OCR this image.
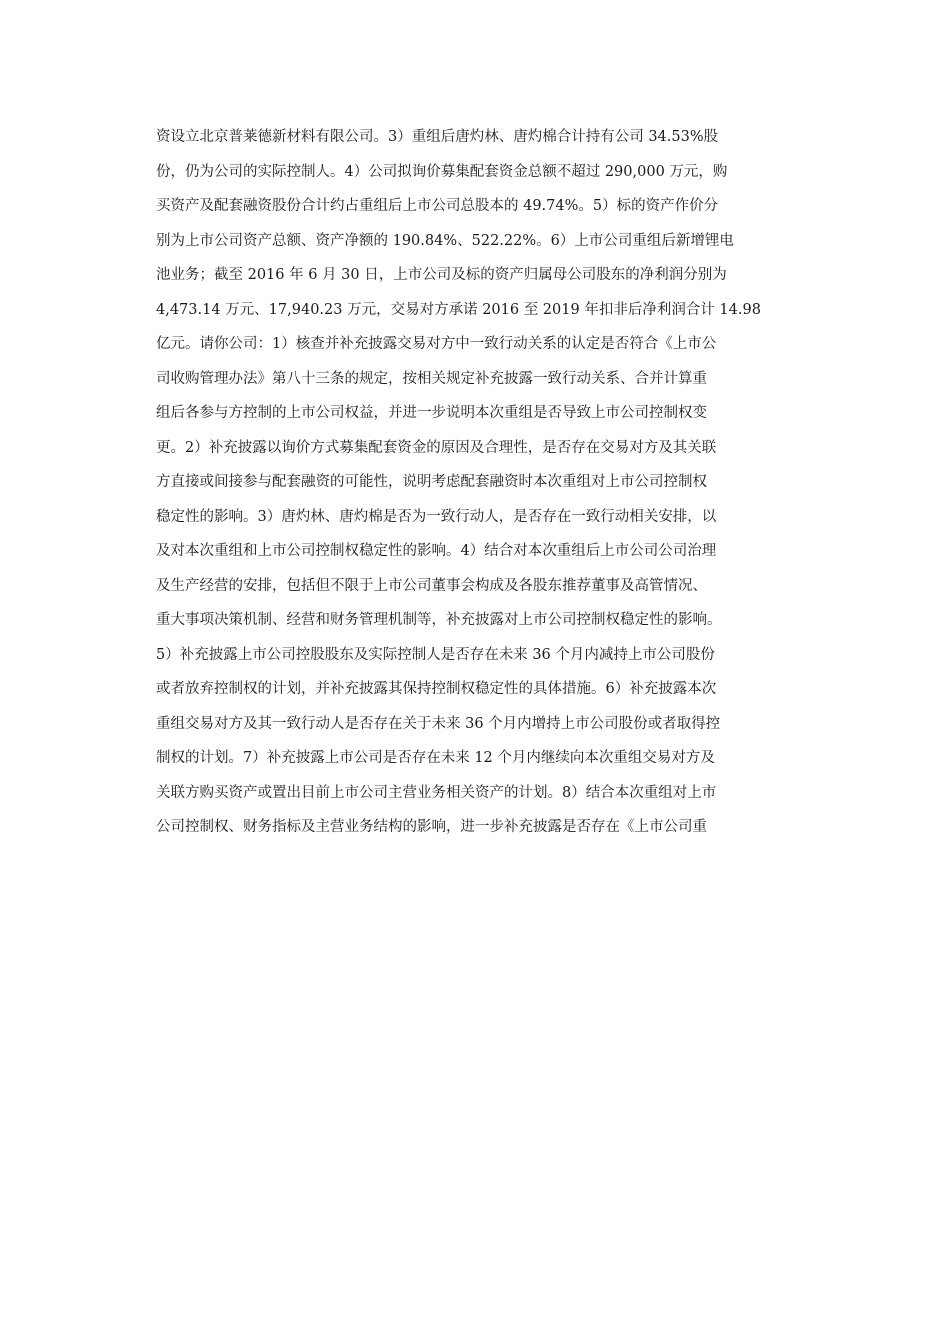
资设立北京普莱德新材料有限公司。3）重组后唐灼林、唐灼棉合计持有公司 34.53%股
份，仍为公司的实际控制人。4）公司拟询价募集配套资金总额不超过 290,000 万元，购
买资产及配套融资股份合计约占重组后上市公司总股本的 49.74%。5）标的资产作价分
别为上市公司资产总额、资产净额的 190.84%、522.22%。6）上市公司重组后新增锂电
池业务；截至 2016 年 6 月 30 日，上市公司及标的资产归属母公司股东的净利润分别为
4,473.14 万元、17,940.23 万元，交易对方承诺 2016 至 2019 年扣非后净利润合计 14.98
亿元。请你公司：1）核查并补充披露交易对方中一致行动关系的认定是否符合《上市公
司收购管理办法》第八十三条的规定，按相关规定补充披露一致行动关系、合并计算重
组后各参与方控制的上市公司权益，并进一步说明本次重组是否导致上市公司控制权变
更。2）补充披露以询价方式募集配套资金的原因及合理性，是否存在交易对方及其关联
方直接或间接参与配套融资的可能性，说明考虑配套融资时本次重组对上市公司控制权
稳定性的影响。3）唐灼林、唐灼棉是否为一致行动人，是否存在一致行动相关安排，以
及对本次重组和上市公司控制权稳定性的影响。4）结合对本次重组后上市公司公司治理
及生产经营的安排，包括但不限于上市公司董事会构成及各股东推荐董事及高管情况、
重大事项决策机制、经营和财务管理机制等，补充披露对上市公司控制权稳定性的影响。
5）补充披露上市公司控股股东及实际控制人是否存在未来 36 个月内减持上市公司股份
或者放弃控制权的计划，并补充披露其保持控制权稳定性的具体措施。6）补充披露本次
重组交易对方及其一致行动人是否存在关于未来 36 个月内增持上市公司股份或者取得控
制权的计划。7）补充披露上市公司是否存在未来 12 个月内继续向本次重组交易对方及
关联方购买资产或置出目前上市公司主营业务相关资产的计划。8）结合本次重组对上市
公司控制权、财务指标及主营业务结构的影响，进一步补充披露是否存在《上市公司重
